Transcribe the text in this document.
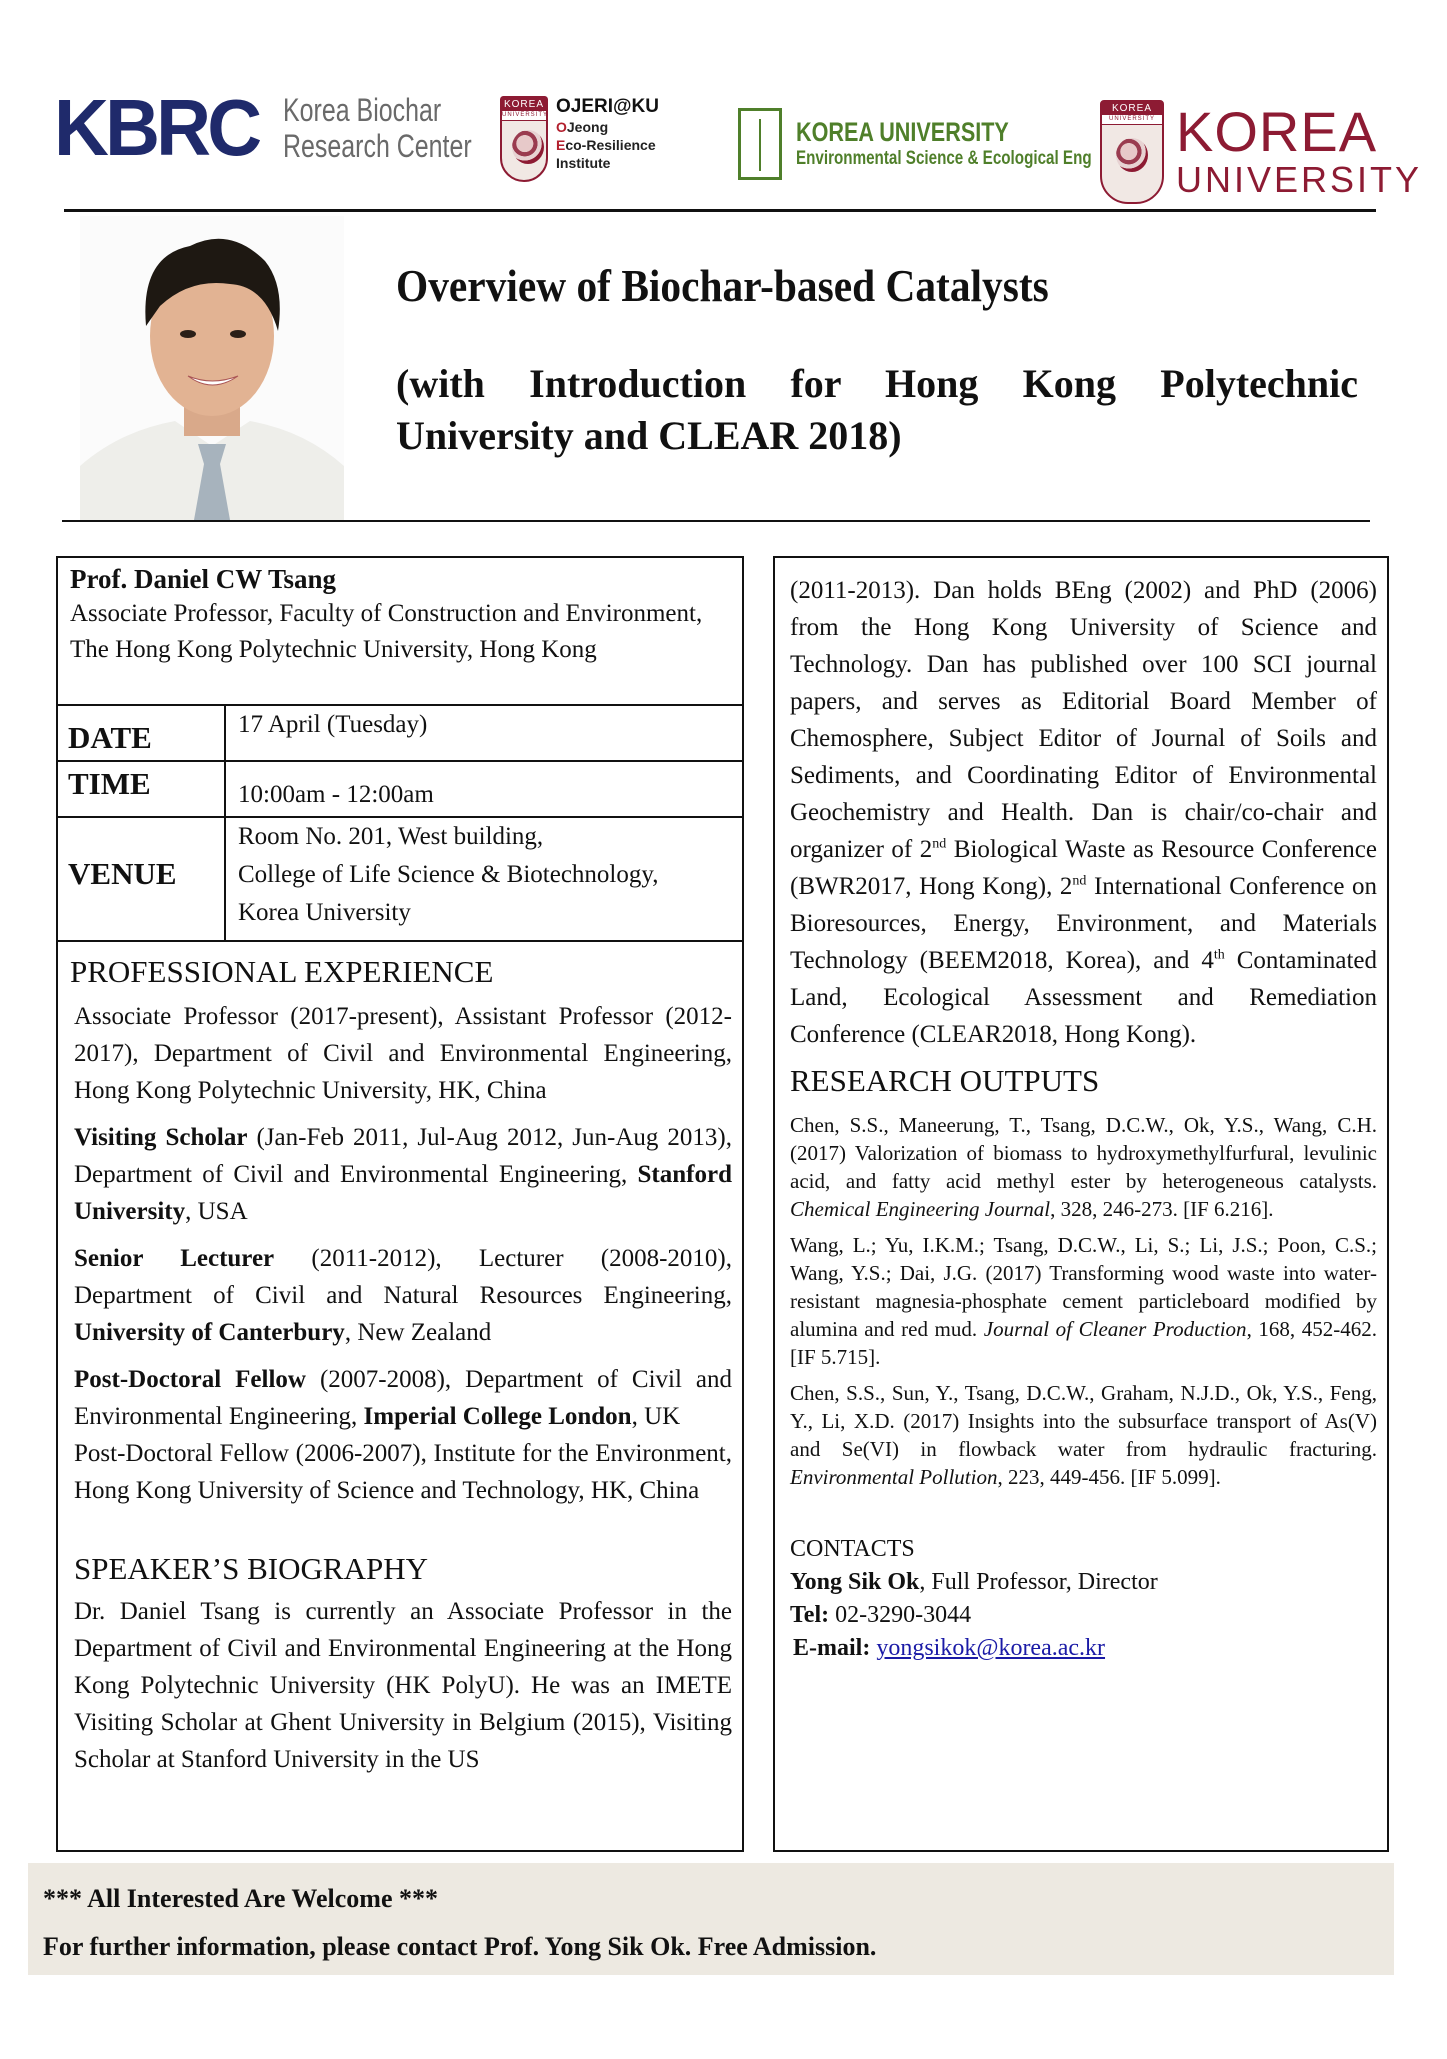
KBRC Korea Biochar
Research Center
KOREA
UNIVERSITY OJERI@KU
OJeong
Eco-Resilience
Institute
KOREA UNIVERSITY
Environmental Science & Ecological Eng
KOREA
UNIVERSITY KOREA
UNIVERSITY
Overview of Biochar-based Catalysts
(with Introduction for Hong Kong Polytechnic University and CLEAR 2018)
Prof. Daniel CW Tsang
Associate Professor, Faculty of Construction and Environment, The Hong Kong Polytechnic University, Hong Kong
DATE	17 April (Tuesday)
TIME	10:00am - 12:00am
VENUE
Room No. 201, West building,
College of Life Science & Biotechnology,
Korea University
PROFESSIONAL EXPERIENCE

Associate Professor (2017-present), Assistant Professor (2012-2017), Department of Civil and Environmental Engineering, Hong Kong Polytechnic University, HK, China

Visiting Scholar (Jan-Feb 2011, Jul-Aug 2012, Jun-Aug 2013), Department of Civil and Environmental Engineering, Stanford University, USA

Senior Lecturer (2011-2012), Lecturer (2008-2010), Department of Civil and Natural Resources Engineering, University of Canterbury, New Zealand

Post-Doctoral Fellow (2007-2008), Department of Civil and Environmental Engineering, Imperial College London, UK

Post-Doctoral Fellow (2006-2007), Institute for the Environment, Hong Kong University of Science and Technology, HK, China

SPEAKER’S BIOGRAPHY

Dr. Daniel Tsang is currently an Associate Professor in the Department of Civil and Environmental Engineering at the Hong Kong Polytechnic University (HK PolyU). He was an IMETE Visiting Scholar at Ghent University in Belgium (2015), Visiting Scholar at Stanford University in the US

(2011-2013). Dan holds BEng (2002) and PhD (2006) from the Hong Kong University of Science and Technology. Dan has published over 100 SCI journal papers, and serves as Editorial Board Member of Chemosphere, Subject Editor of Journal of Soils and Sediments, and Coordinating Editor of Environmental Geochemistry and Health. Dan is chair/co-chair and organizer of 2nd Biological Waste as Resource Conference (BWR2017, Hong Kong), 2nd International Conference on Bioresources, Energy, Environment, and Materials Technology (BEEM2018, Korea), and 4th Contaminated Land, Ecological Assessment and Remediation Conference (CLEAR2018, Hong Kong).

RESEARCH OUTPUTS

Chen, S.S., Maneerung, T., Tsang, D.C.W., Ok, Y.S., Wang, C.H. (2017) Valorization of biomass to hydroxymethylfurfural, levulinic acid, and fatty acid methyl ester by heterogeneous catalysts. Chemical Engineering Journal, 328, 246-273. [IF 6.216].

Wang, L.; Yu, I.K.M.; Tsang, D.C.W., Li, S.; Li, J.S.; Poon, C.S.; Wang, Y.S.; Dai, J.G. (2017) Transforming wood waste into water-resistant magnesia-phosphate cement particleboard modified by alumina and red mud. Journal of Cleaner Production, 168, 452-462. [IF 5.715].

Chen, S.S., Sun, Y., Tsang, D.C.W., Graham, N.J.D., Ok, Y.S., Feng, Y., Li, X.D. (2017) Insights into the subsurface transport of As(V) and Se(VI) in flowback water from hydraulic fracturing. Environmental Pollution, 223, 449-456. [IF 5.099].

CONTACTS
Yong Sik Ok, Full Professor, Director
Tel: 02-3290-3044
E-mail: yongsikok@korea.ac.kr
*** All Interested Are Welcome ***
For further information, please contact Prof. Yong Sik Ok. Free Admission.
